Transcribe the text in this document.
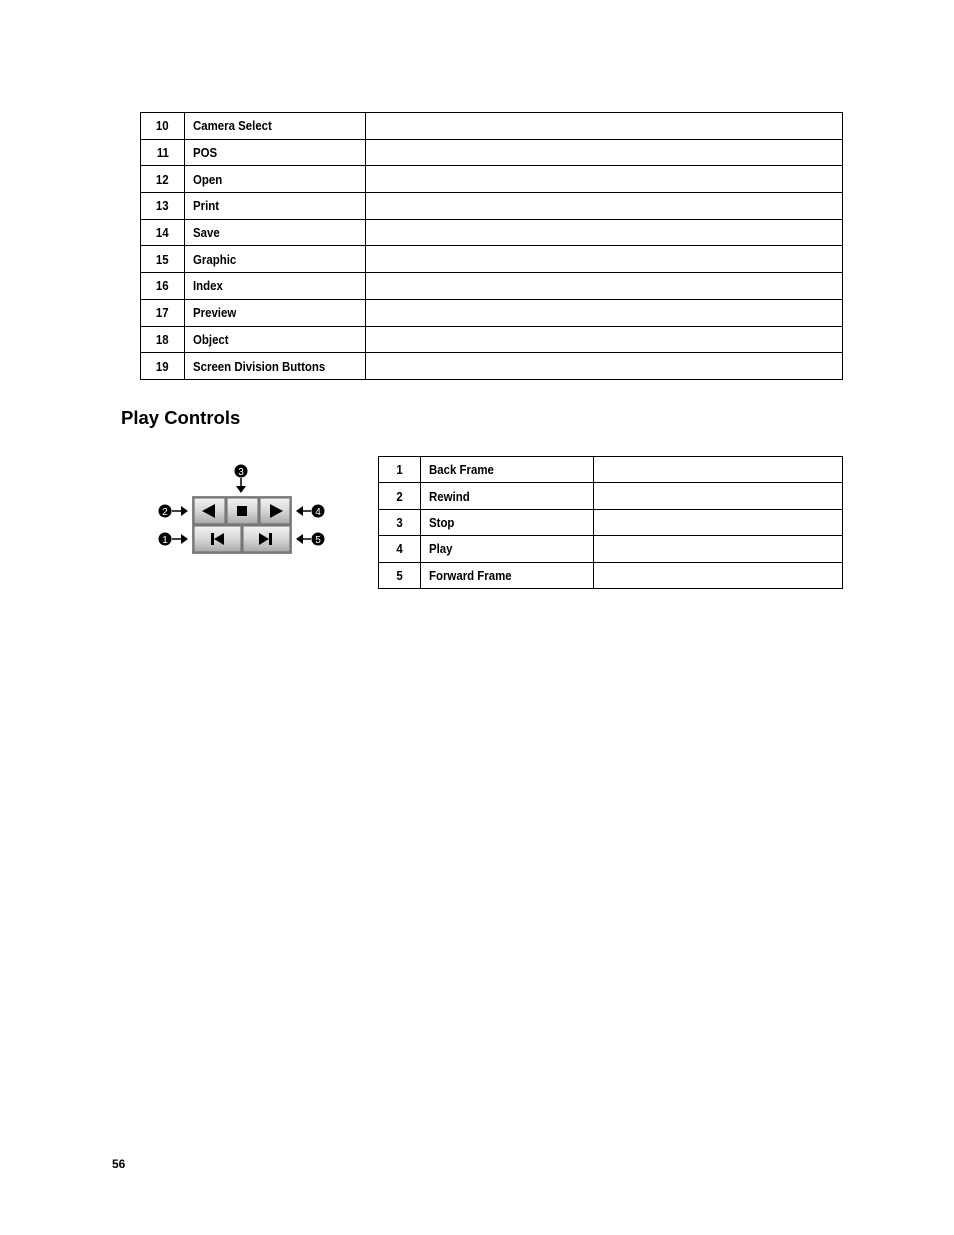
10	Camera Select	
11	POS	
12	Open	
13	Print	
14	Save	
15	Graphic	
16	Index	
17	Preview	
18	Object	
19	Screen Division Buttons	
Play Controls
3
2
1
4
5
1	Back Frame	
2	Rewind	
3	Stop	
4	Play	
5	Forward Frame	
56
